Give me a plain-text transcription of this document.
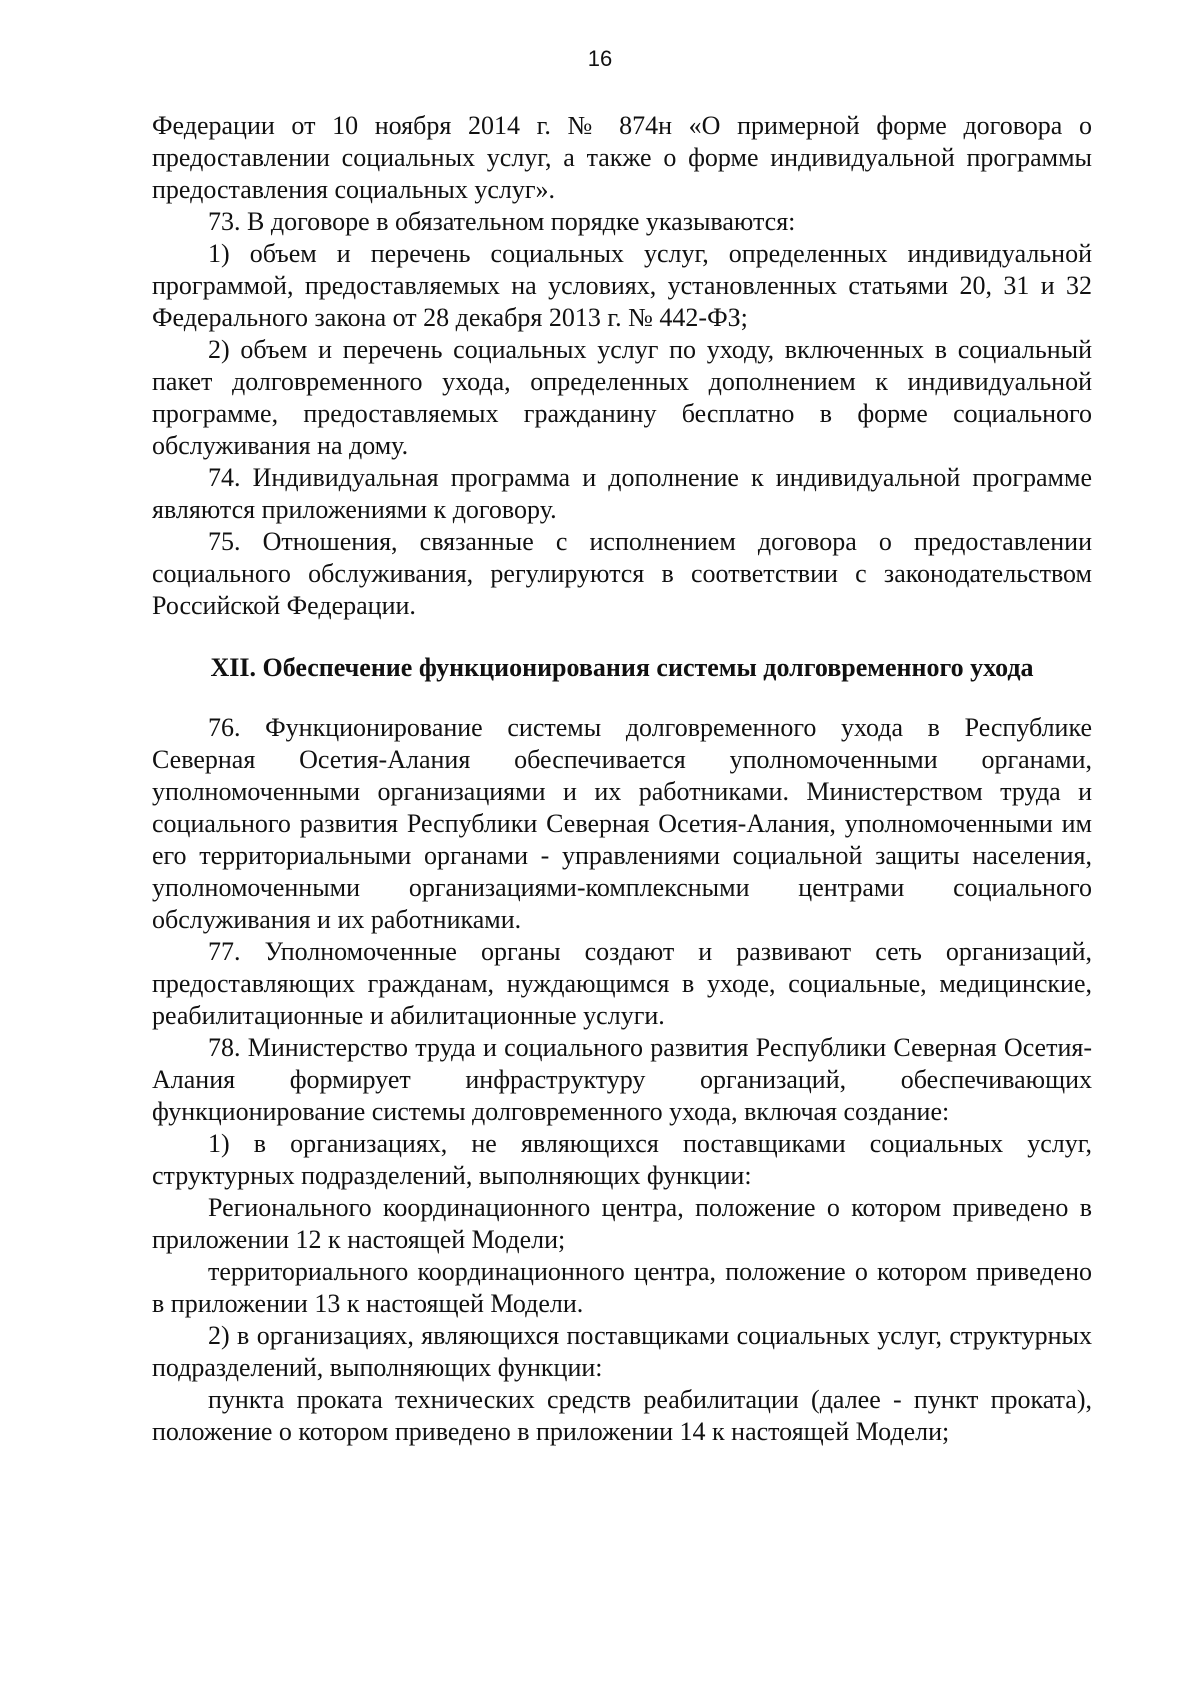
16

Федерации от 10 ноября 2014 г. № 874н «О примерной форме договора о предоставлении социальных услуг, а также о форме индивидуальной программы предоставления социальных услуг».

73. В договоре в обязательном порядке указываются:

1) объем и перечень социальных услуг, определенных индивидуальной программой, предоставляемых на условиях, установленных статьями 20, 31 и 32 Федерального закона от 28 декабря 2013 г. № 442-ФЗ;

2) объем и перечень социальных услуг по уходу, включенных в социальный пакет долговременного ухода, определенных дополнением к индивидуальной программе, предоставляемых гражданину бесплатно в форме социального обслуживания на дому.

74. Индивидуальная программа и дополнение к индивидуальной программе являются приложениями к договору.

75. Отношения, связанные с исполнением договора о предоставлении социального обслуживания, регулируются в соответствии с законодательством Российской Федерации.

XII. Обеспечение функционирования системы долговременного ухода

76. Функционирование системы долговременного ухода в Республике Северная Осетия-Алания обеспечивается уполномоченными органами, уполномоченными организациями и их работниками. Министерством труда и социального развития Республики Северная Осетия-Алания, уполномоченными им его территориальными органами - управлениями социальной защиты населения, уполномоченными организациями-комплексными центрами социального обслуживания и их работниками.

77. Уполномоченные органы создают и развивают сеть организаций, предоставляющих гражданам, нуждающимся в уходе, социальные, медицинские, реабилитационные и абилитационные услуги.

78. Министерство труда и социального развития Республики Северная Осетия-Алания формирует инфраструктуру организаций, обеспечивающих функционирование системы долговременного ухода, включая создание:

1) в организациях, не являющихся поставщиками социальных услуг, структурных подразделений, выполняющих функции:

Регионального координационного центра, положение о котором приведено в приложении 12 к настоящей Модели;

территориального координационного центра, положение о котором приведено в приложении 13 к настоящей Модели.

2) в организациях, являющихся поставщиками социальных услуг, структурных подразделений, выполняющих функции:

пункта проката технических средств реабилитации (далее - пункт проката), положение о котором приведено в приложении 14 к настоящей Модели;
